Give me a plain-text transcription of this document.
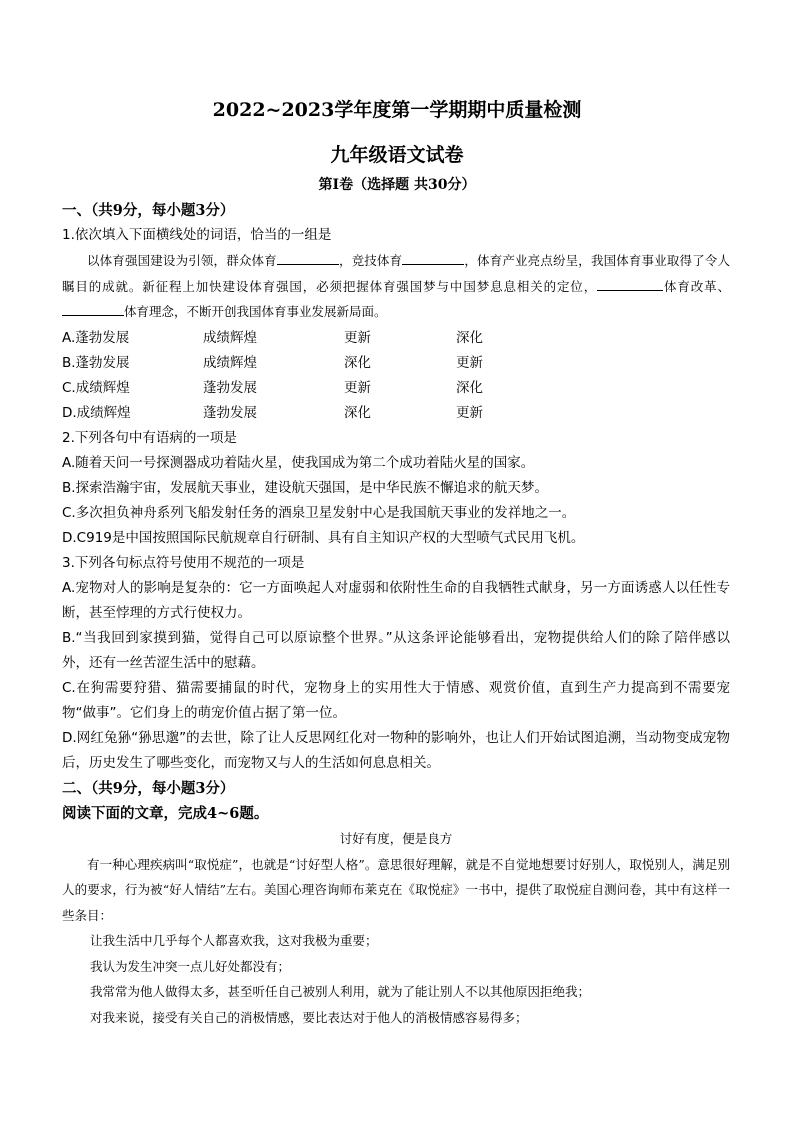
2022~2023学年度第一学期期中质量检测
九年级语文试卷
第Ⅰ卷（选择题 共30分）
一、（共9分，每小题3分）
1.依次填入下面横线处的词语，恰当的一组是
以体育强国建设为引领，群众体育	，竞技体育	，体育产业亮点纷呈，我国体育事业取得了令人瞩目的成就。新征程上加快建设体育强国，必须把握体育强国梦与中国梦息息相关的定位，	体育改革、体育理念，不断开创我国体育事业发展新局面。
A.蓬勃发展	成绩辉煌	更新	深化
B.蓬勃发展	成绩辉煌	深化	更新
C.成绩辉煌	蓬勃发展	更新	深化
D.成绩辉煌	蓬勃发展	深化	更新
2.下列各句中有语病的一项是
A.随着天问一号探测器成功着陆火星，使我国成为第二个成功着陆火星的国家。
B.探索浩瀚宇宙，发展航天事业，建设航天强国，是中华民族不懈追求的航天梦。
C.多次担负神舟系列飞船发射任务的酒泉卫星发射中心是我国航天事业的发祥地之一。
D.C919是中国按照国际民航规章自行研制、具有自主知识产权的大型喷气式民用飞机。
3.下列各句标点符号使用不规范的一项是
A.宠物对人的影响是复杂的：它一方面唤起人对虚弱和依附性生命的自我牺牲式献身，另一方面诱惑人以任性专断，甚至悖理的方式行使权力。
B.“当我回到家摸到猫，觉得自己可以原谅整个世界。”从这条评论能够看出，宠物提供给人们的除了陪伴感以外，还有一丝苦涩生活中的慰藉。
C.在狗需要狩猎、猫需要捕鼠的时代，宠物身上的实用性大于情感、观赏价值，直到生产力提高到不需要宠物“做事”。它们身上的萌宠价值占据了第一位。
D.网红兔狲“狲思邈”的去世，除了让人反思网红化对一物种的影响外，也让人们开始试图追溯，当动物变成宠物后，历史发生了哪些变化，而宠物又与人的生活如何息息相关。
二、（共9分，每小题3分）
阅读下面的文章，完成4~6题。
讨好有度，便是良方
有一种心理疾病叫“取悦症”，也就是“讨好型人格”。意思很好理解，就是不自觉地想要讨好别人，取悦别人，满足别人的要求，行为被“好人情结”左右。美国心理咨询师布莱克在《取悦症》一书中，提供了取悦症自测问卷，其中有这样一些条目：
让我生活中几乎每个人都喜欢我，这对我极为重要；
我认为发生冲突一点儿好处都没有；
我常常为他人做得太多，甚至听任自己被别人利用，就为了能让别人不以其他原因拒绝我；
对我来说，接受有关自己的消极情感，要比表达对于他人的消极情感容易得多；
